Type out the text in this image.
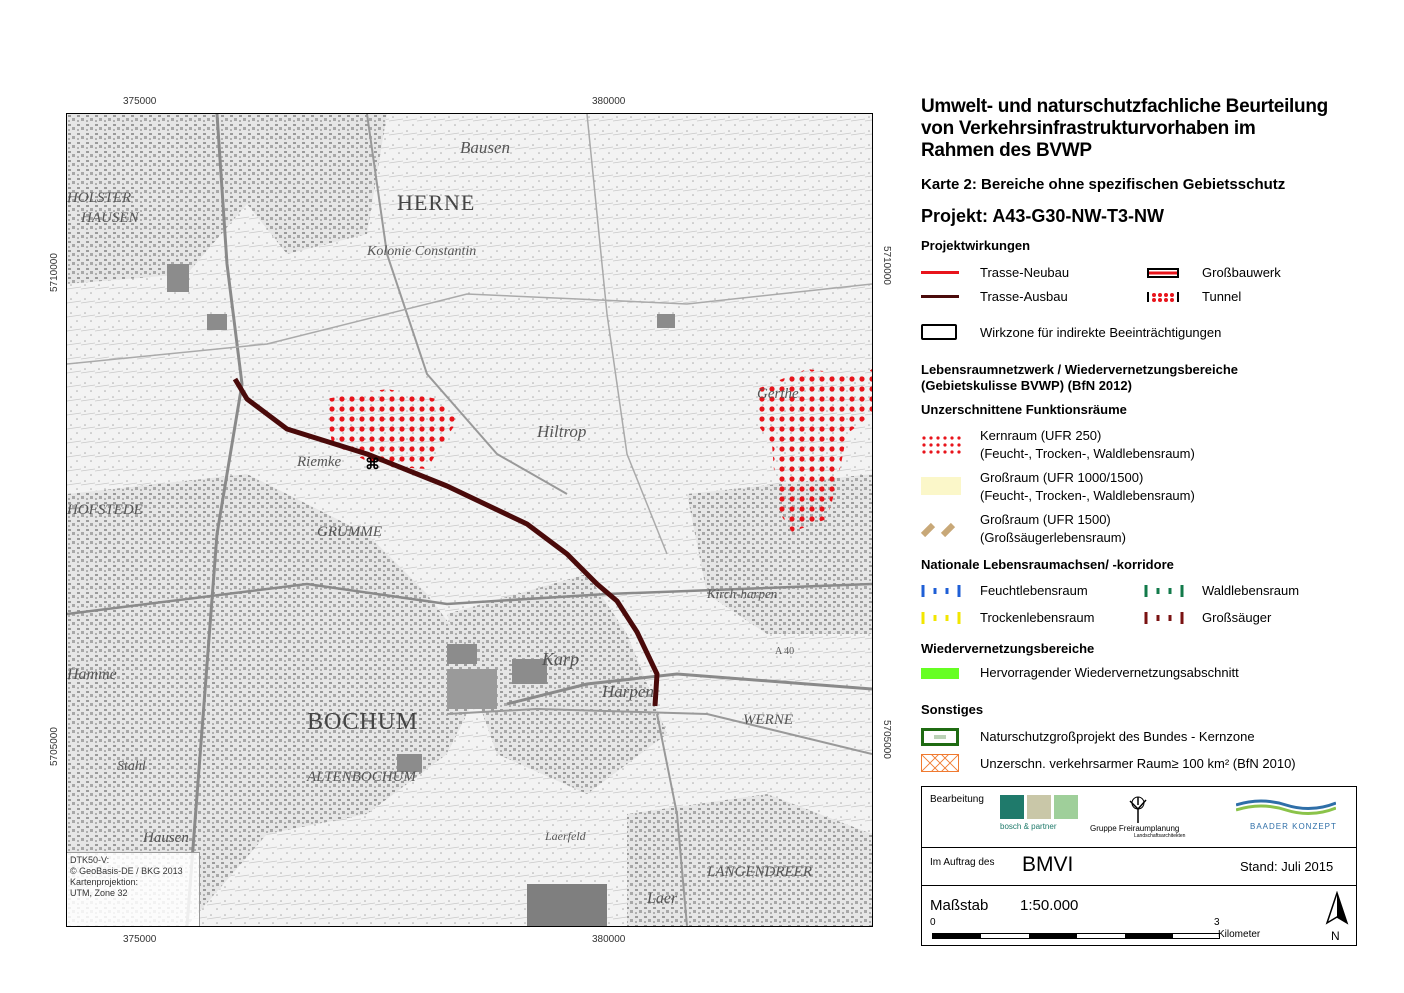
375000	380000
375000	380000
5710000
5705000
5710000
5705000
⌘
Bausen
HOLSTER
HAUSEN
HERNE
Kolonie Constantin
Gerthe
Hiltrop
Riemke
HOFSTEDE
GRUMME
Kirch-harpen
A 40
Karp
Harpen
Hamme
BOCHUM	WERNE
Stahl
ALTENBOCHUM
Laerfeld
Hausen
LANGENDREER
Laer
DTK50-V:
© GeoBasis-DE / BKG 2013
Kartenprojektion:
UTM, Zone 32
Umwelt- und naturschutzfachliche Beurteilung
von Verkehrsinfrastrukturvorhaben im
Rahmen des BVWP
Karte 2: Bereiche ohne spezifischen Gebietsschutz
Projekt: A43-G30-NW-T3-NW
Projektwirkungen
Trasse-Neubau	Großbauwerk
Trasse-Ausbau	Tunnel
Wirkzone für indirekte Beeinträchtigungen
Lebensraumnetzwerk / Wiedervernetzungsbereiche
(Gebietskulisse BVWP) (BfN 2012)
Unzerschnittene Funktionsräume
Kernraum (UFR 250)
(Feucht-, Trocken-, Waldlebensraum)
Großraum (UFR 1000/1500)
(Feucht-, Trocken-, Waldlebensraum)
Großraum (UFR 1500)
(Großsäugerlebensraum)
Nationale Lebensraumachsen/ -korridore
Feuchtlebensraum	Waldlebensraum
Trockenlebensraum	Großsäuger
Wiedervernetzungsbereiche
Hervorragender Wiedervernetzungsabschnitt
Sonstiges
Naturschutzgroßprojekt des Bundes - Kernzone
Unzerschn. verkehrsarmer Raum≥ 100 km² (BfN 2010)
Bearbeitung
bosch & partner	Gruppe Freiraumplanung
Landschaftsarchitekten
BAADER KONZEPT
Im Auftrag des BMVI	Stand: Juli 2015
Maßstab 1:50.000
0	3
Kilometer	N
